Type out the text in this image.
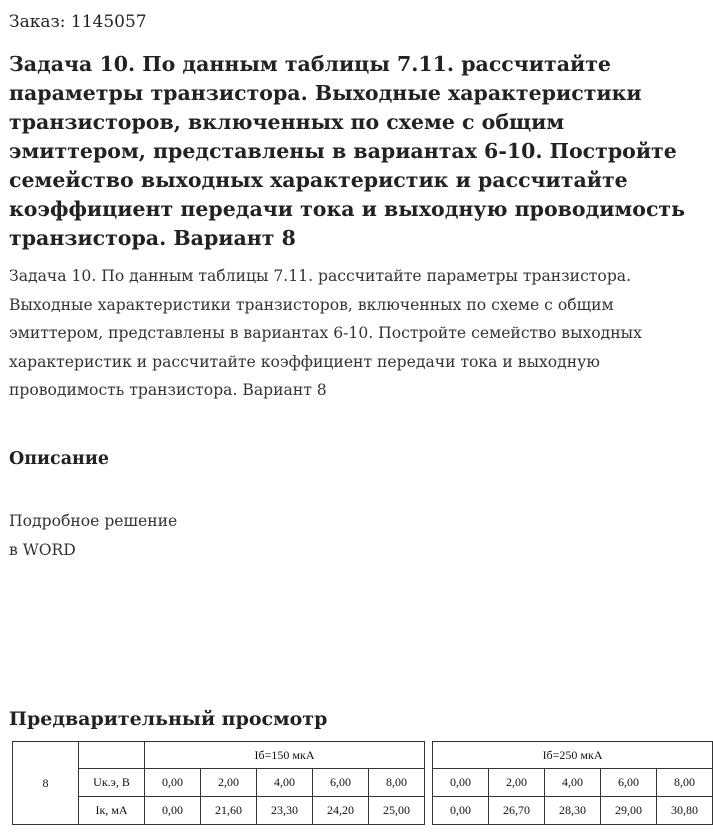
Заказ: 1145057
Задача 10. По данным таблицы 7.11. рассчитайте параметры транзистора. Выходные характеристики транзисторов, включенных по схеме с общим эмиттером, представлены в вариантах 6-10. Постройте семейство выходных характеристик и рассчитайте коэффициент передачи тока и выходную проводимость транзистора. Вариант 8

Задача 10. По данным таблицы 7.11. рассчитайте параметры транзистора. Выходные характеристики транзисторов, включенных по схеме с общим эмиттером, представлены в вариантах 6-10. Постройте семейство выходных характеристик и рассчитайте коэффициент передачи тока и выходную проводимость транзистора. Вариант 8

Описание
Подробное решение
в WORD
Предварительный просмотр
8		Iб=150 мкА						Iб=250 мкА				
	Uк.э, В	0,00	2,00	4,00	6,00	8,00		0,00	2,00	4,00	6,00	8,00
	Iк, мА	0,00	21,60	23,30	24,20	25,00		0,00	26,70	28,30	29,00	30,80
